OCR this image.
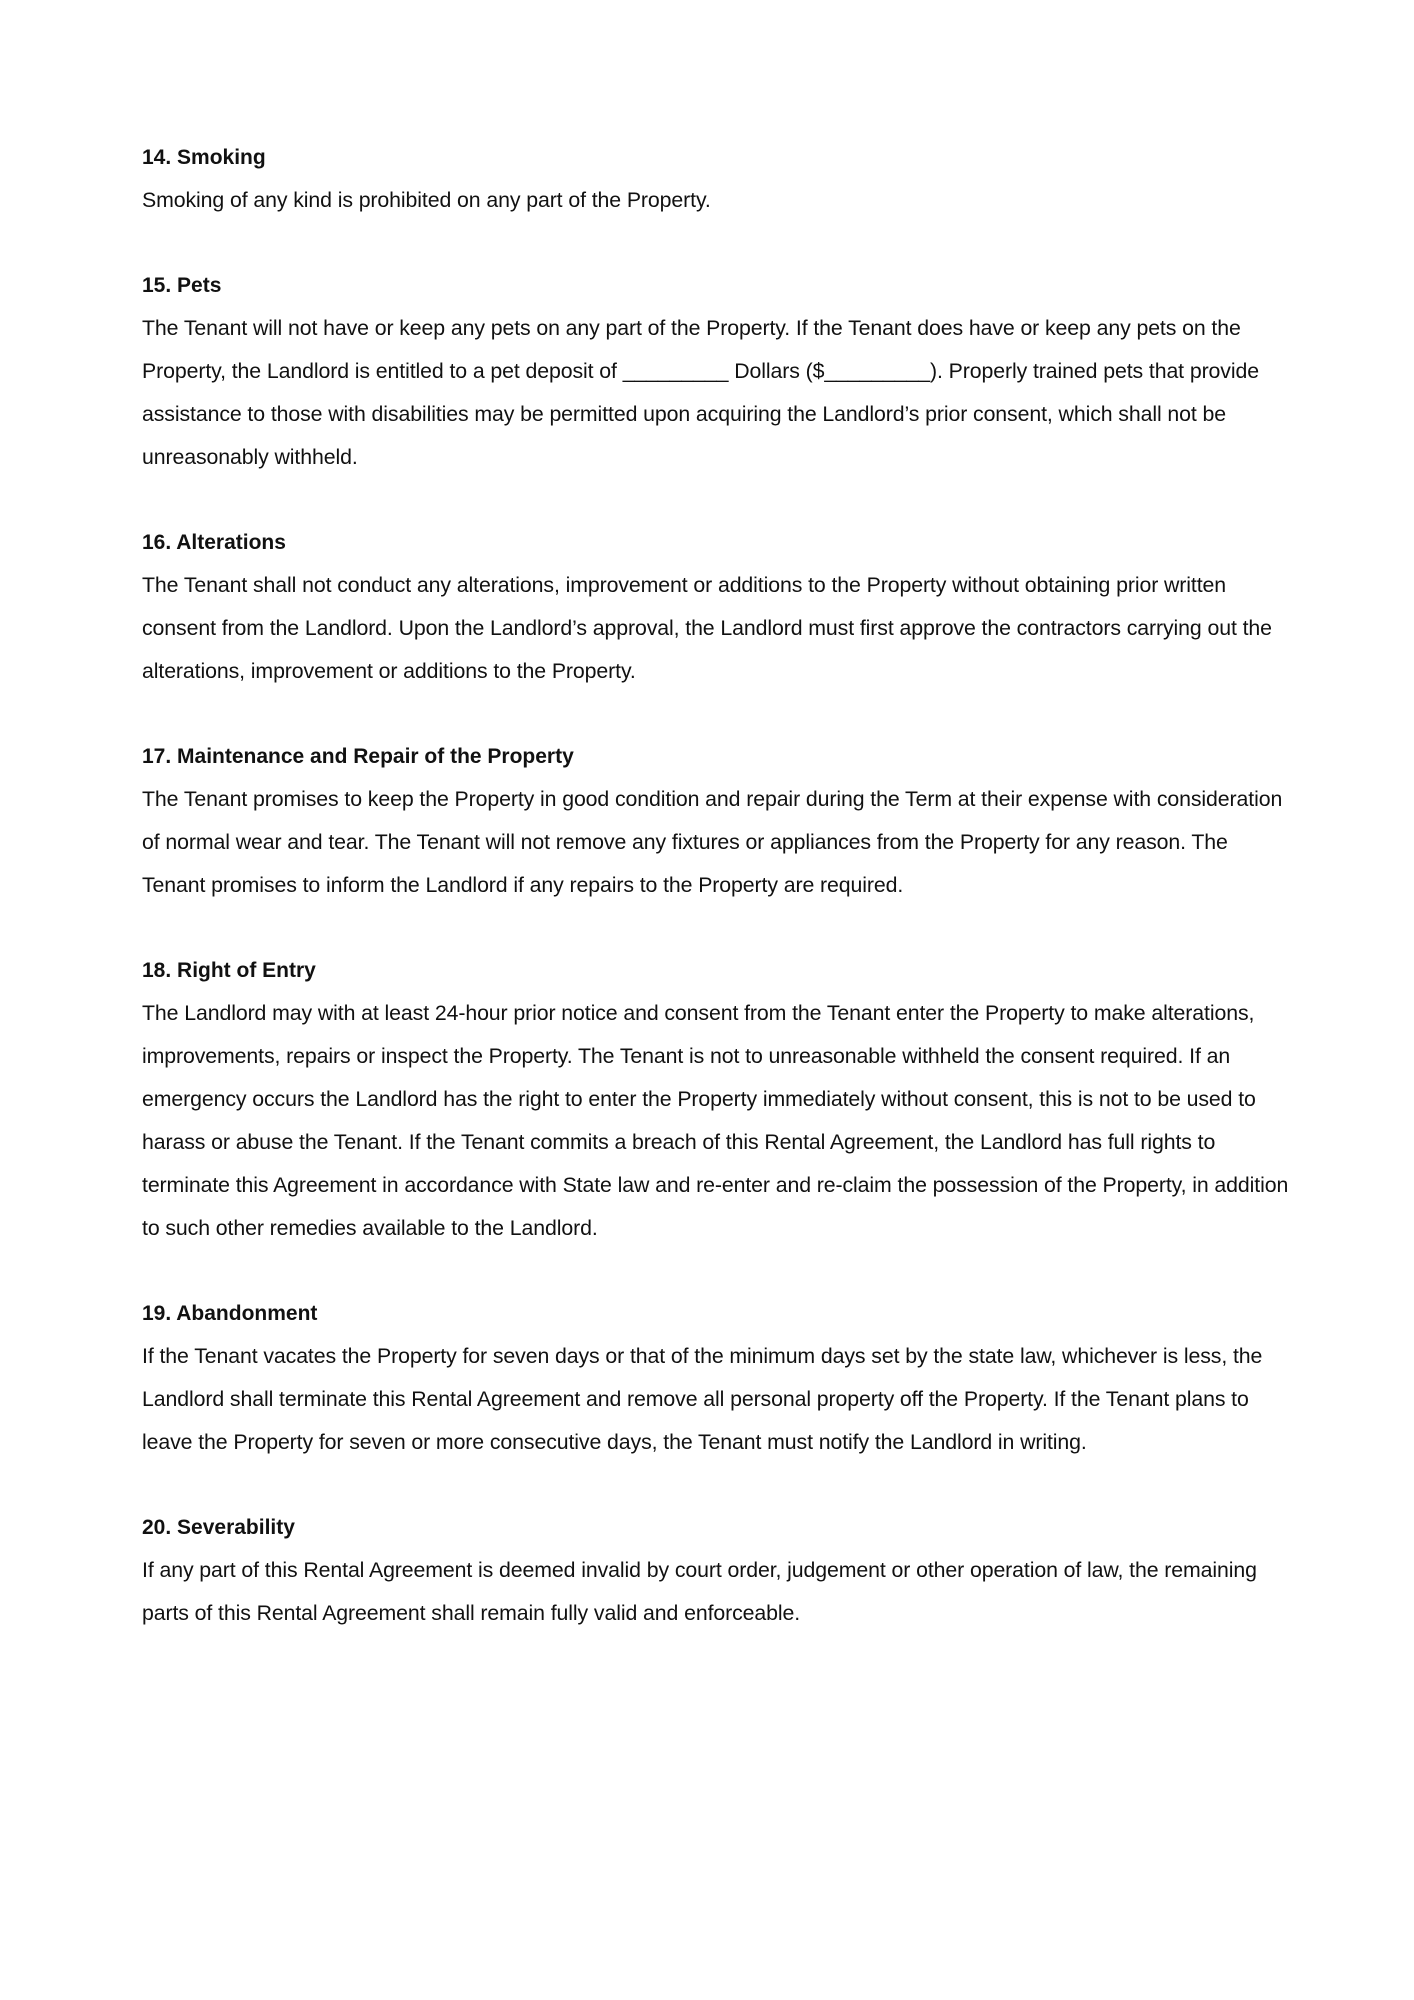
14. Smoking

Smoking of any kind is prohibited on any part of the Property.

15. Pets

The Tenant will not have or keep any pets on any part of the Property. If the Tenant does have or keep any pets on the Property, the Landlord is entitled to a pet deposit of _________ Dollars ($_________). Properly trained pets that provide assistance to those with disabilities may be permitted upon acquiring the Landlord’s prior consent, which shall not be unreasonably withheld.

16. Alterations

The Tenant shall not conduct any alterations, improvement or additions to the Property without obtaining prior written consent from the Landlord. Upon the Landlord’s approval, the Landlord must first approve the contractors carrying out the alterations, improvement or additions to the Property.

17. Maintenance and Repair of the Property

The Tenant promises to keep the Property in good condition and repair during the Term at their expense with consideration of normal wear and tear. The Tenant will not remove any fixtures or appliances from the Property for any reason. The Tenant promises to inform the Landlord if any repairs to the Property are required.

18. Right of Entry

The Landlord may with at least 24-hour prior notice and consent from the Tenant enter the Property to make alterations, improvements, repairs or inspect the Property. The Tenant is not to unreasonable withheld the consent required. If an emergency occurs the Landlord has the right to enter the Property immediately without consent, this is not to be used to harass or abuse the Tenant. If the Tenant commits a breach of this Rental Agreement, the Landlord has full rights to terminate this Agreement in accordance with State law and re-enter and re-claim the possession of the Property, in addition to such other remedies available to the Landlord.

19. Abandonment

If the Tenant vacates the Property for seven days or that of the minimum days set by the state law, whichever is less, the Landlord shall terminate this Rental Agreement and remove all personal property off the Property. If the Tenant plans to leave the Property for seven or more consecutive days, the Tenant must notify the Landlord in writing.

20. Severability

If any part of this Rental Agreement is deemed invalid by court order, judgement or other operation of law, the remaining parts of this Rental Agreement shall remain fully valid and enforceable.
